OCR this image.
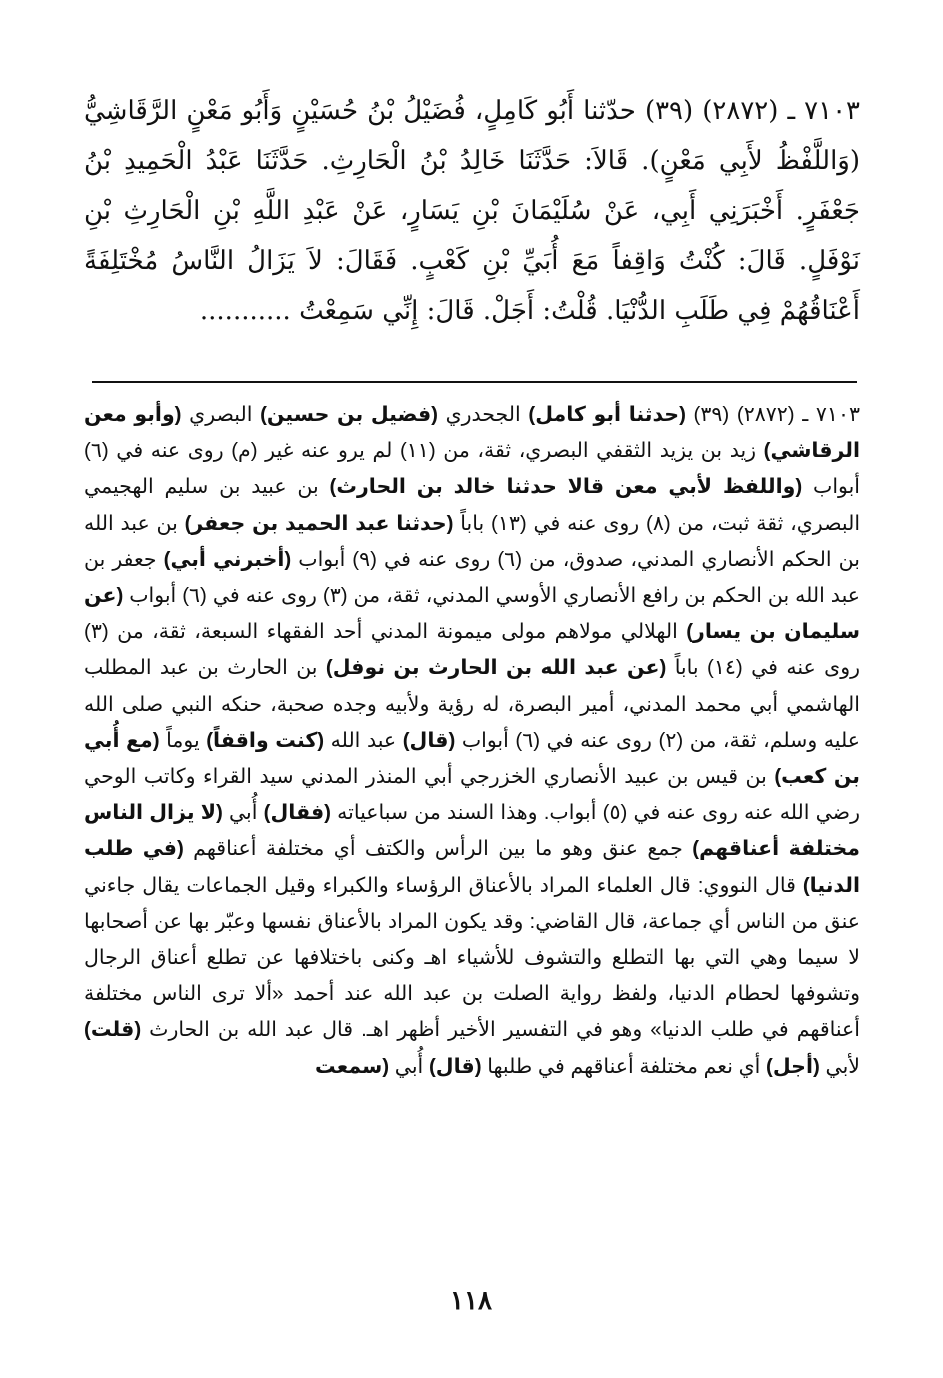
٧١٠٣ ـ (٢٨٧٢) (٣٩) حدّثنا أَبُو كَامِلٍ، فُضَيْلُ بْنُ حُسَيْنٍ وَأَبُو مَعْنٍ الرَّقَاشِيُّ (وَاللَّفْظُ لأَبِي مَعْنٍ). قَالاَ: حَدَّثَنَا خَالِدُ بْنُ الْحَارِثِ. حَدَّثَنَا عَبْدُ الْحَمِيدِ بْنُ جَعْفَرٍ. أَخْبَرَنِي أَبِي، عَنْ سُلَيْمَانَ بْنِ يَسَارٍ، عَنْ عَبْدِ اللَّهِ بْنِ الْحَارِثِ بْنِ نَوْفَلٍ. قَالَ: كُنْتُ وَاقِفاً مَعَ أُبَيِّ بْنِ كَعْبٍ. فَقَالَ: لاَ يَزَالُ النَّاسُ مُخْتَلِفَةً أَعْنَاقُهُمْ فِي طَلَبِ الدُّنْيَا. قُلْتُ: أَجَلْ. قَالَ: إِنِّي سَمِعْتُ ...........

٧١٠٣ ـ (٢٨٧٢) (٣٩) (حدثنا أبو كامل) الجحدري (فضيل بن حسين) البصري (وأبو معن الرقاشي) زيد بن يزيد الثقفي البصري، ثقة، من (١١) لم يرو عنه غير (م) روى عنه في (٦) أبواب (واللفظ لأبي معن قالا حدثنا خالد بن الحارث) بن عبيد بن سليم الهجيمي البصري، ثقة ثبت، من (٨) روى عنه في (١٣) باباً (حدثنا عبد الحميد بن جعفر) بن عبد الله بن الحكم الأنصاري المدني، صدوق، من (٦) روى عنه في (٩) أبواب (أخبرني أبي) جعفر بن عبد الله بن الحكم بن رافع الأنصاري الأوسي المدني، ثقة، من (٣) روى عنه في (٦) أبواب (عن سليمان بن يسار) الهلالي مولاهم مولى ميمونة المدني أحد الفقهاء السبعة، ثقة، من (٣) روى عنه في (١٤) باباً (عن عبد الله بن الحارث بن نوفل) بن الحارث بن عبد المطلب الهاشمي أبي محمد المدني، أمير البصرة، له رؤية ولأبيه وجده صحبة، حنكه النبي صلى الله عليه وسلم، ثقة، من (٢) روى عنه في (٦) أبواب (قال) عبد الله (كنت واقفاً) يوماً (مع أُبي بن كعب) بن قيس بن عبيد الأنصاري الخزرجي أبي المنذر المدني سيد القراء وكاتب الوحي رضي الله عنه روى عنه في (٥) أبواب. وهذا السند من سباعياته (فقال) أُبي (لا يزال الناس مختلفة أعناقهم) جمع عنق وهو ما بين الرأس والكتف أي مختلفة أعناقهم (في طلب الدنيا) قال النووي: قال العلماء المراد بالأعناق الرؤساء والكبراء وقيل الجماعات يقال جاءني عنق من الناس أي جماعة، قال القاضي: وقد يكون المراد بالأعناق نفسها وعبّر بها عن أصحابها لا سيما وهي التي بها التطلع والتشوف للأشياء اهـ وكنى باختلافها عن تطلع أعناق الرجال وتشوفها لحطام الدنيا، ولفظ رواية الصلت بن عبد الله عند أحمد «ألا ترى الناس مختلفة أعناقهم في طلب الدنيا» وهو في التفسير الأخير أظهر اهـ. قال عبد الله بن الحارث (قلت) لأبي (أجل) أي نعم مختلفة أعناقهم في طلبها (قال) أُبي (سمعت

١١٨
